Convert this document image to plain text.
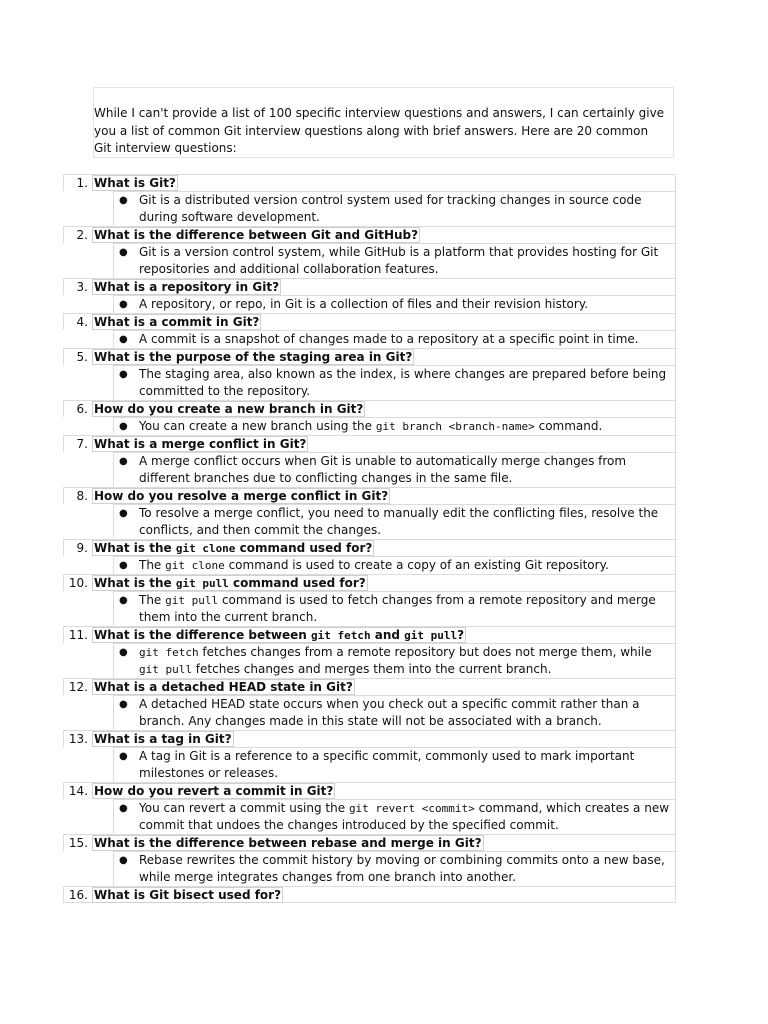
While I can't provide a list of 100 specific interview questions and answers, I can certainly give you a list of common Git interview questions along with brief answers. Here are 20 common Git interview questions:
1. What is Git?
● Git is a distributed version control system used for tracking changes in source code during software development.
2. What is the difference between Git and GitHub?
● Git is a version control system, while GitHub is a platform that provides hosting for Git repositories and additional collaboration features.
3. What is a repository in Git?
● A repository, or repo, in Git is a collection of files and their revision history.
4. What is a commit in Git?
● A commit is a snapshot of changes made to a repository at a specific point in time.
5. What is the purpose of the staging area in Git?
● The staging area, also known as the index, is where changes are prepared before being committed to the repository.
6. How do you create a new branch in Git?
● You can create a new branch using the git branch <branch-name> command.
7. What is a merge conflict in Git?
● A merge conflict occurs when Git is unable to automatically merge changes from different branches due to conflicting changes in the same file.
8. How do you resolve a merge conflict in Git?
● To resolve a merge conflict, you need to manually edit the conflicting files, resolve the conflicts, and then commit the changes.
9. What is the git clone command used for?
● The git clone command is used to create a copy of an existing Git repository.
10. What is the git pull command used for?
● The git pull command is used to fetch changes from a remote repository and merge them into the current branch.
11. What is the difference between git fetch and git pull?
● git fetch fetches changes from a remote repository but does not merge them, while git pull fetches changes and merges them into the current branch.
12. What is a detached HEAD state in Git?
● A detached HEAD state occurs when you check out a specific commit rather than a branch. Any changes made in this state will not be associated with a branch.
13. What is a tag in Git?
● A tag in Git is a reference to a specific commit, commonly used to mark important milestones or releases.
14. How do you revert a commit in Git?
● You can revert a commit using the git revert <commit> command, which creates a new commit that undoes the changes introduced by the specified commit.
15. What is the difference between rebase and merge in Git?
● Rebase rewrites the commit history by moving or combining commits onto a new base, while merge integrates changes from one branch into another.
16. What is Git bisect used for?
